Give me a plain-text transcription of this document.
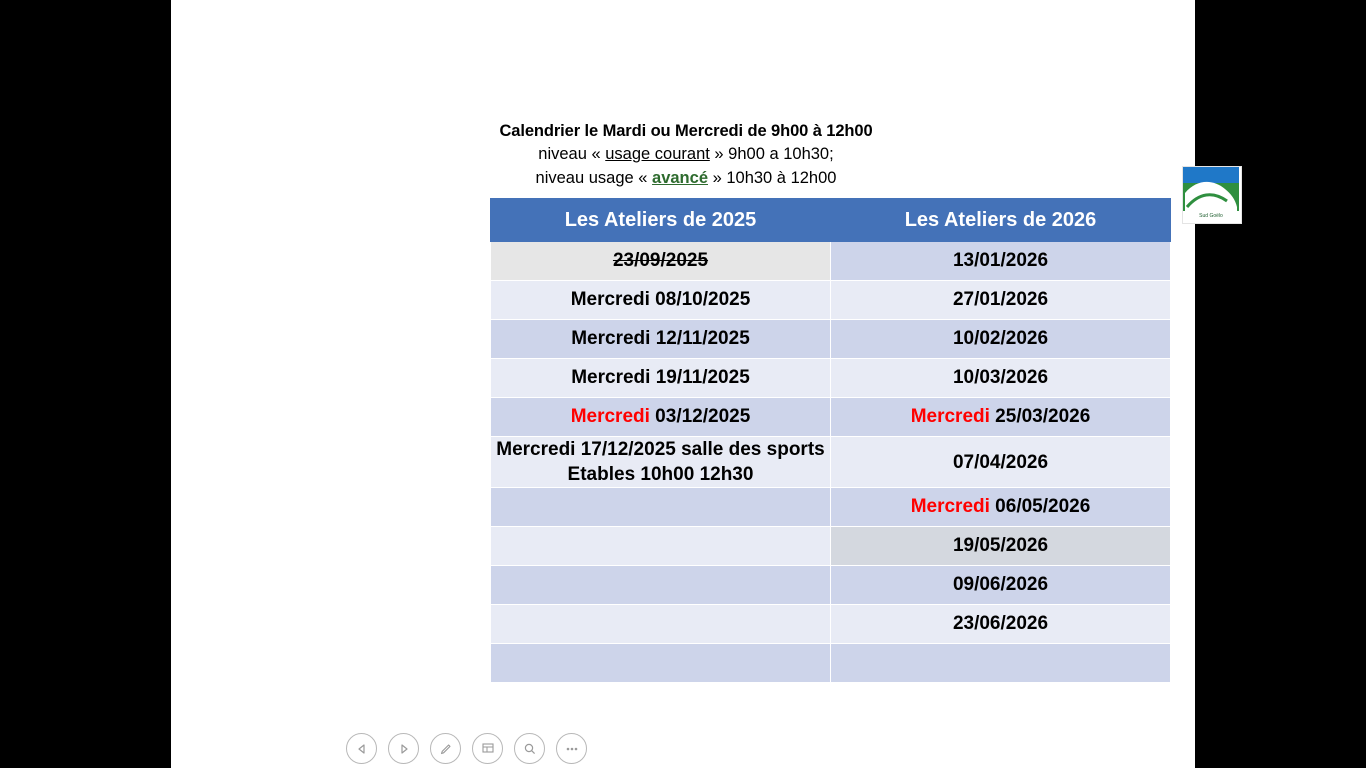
Calendrier le Mardi ou Mercredi de 9h00 à 12h00
niveau « usage courant » 9h00 a 10h30;
niveau usage « avancé » 10h30 à 12h00
Sud Goëlo
Les Ateliers de 2025	Les Ateliers de 2026
23/09/2025	13/01/2026
Mercredi 08/10/2025	27/01/2026
Mercredi 12/11/2025	10/02/2026
Mercredi 19/11/2025	10/03/2026
Mercredi 03/12/2025	Mercredi 25/03/2026
Mercredi 17/12/2025 salle des sports Etables 10h00 12h30	07/04/2026
	Mercredi 06/05/2026
	19/05/2026
	09/06/2026
	23/06/2026
